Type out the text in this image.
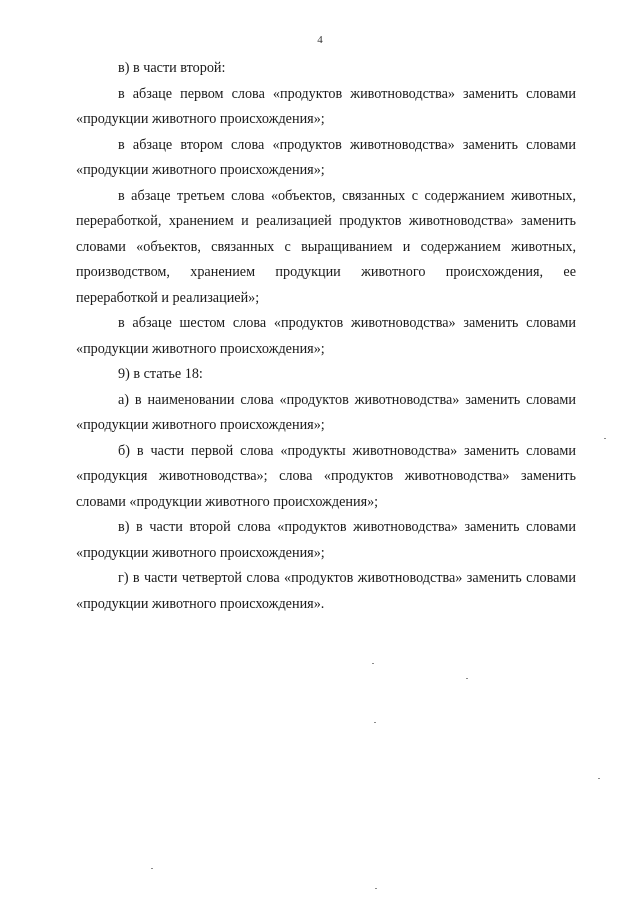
4

в) в части второй:

в абзаце первом слова «продуктов животноводства» заменить словами «продукции животного происхождения»;

в абзаце втором слова «продуктов животноводства» заменить словами «продукции животного происхождения»;

в абзаце третьем слова «объектов, связанных с содержанием животных, переработкой, хранением и реализацией продуктов животноводства» заменить словами «объектов, связанных с выращиванием и содержанием животных, производством, хранением продукции животного происхождения, ее переработкой и реализацией»;

в абзаце шестом слова «продуктов животноводства» заменить словами «продукции животного происхождения»;

9) в статье 18:

а) в наименовании слова «продуктов животноводства» заменить словами «продукции животного происхождения»;

б) в части первой слова «продукты животноводства» заменить словами «продукция животноводства»; слова «продуктов животноводства» заменить словами «продукции животного происхождения»;

в) в части второй слова «продуктов животноводства» заменить словами «продукции животного происхождения»;

г) в части четвертой слова «продуктов животноводства» заменить словами «продукции животного происхождения».
